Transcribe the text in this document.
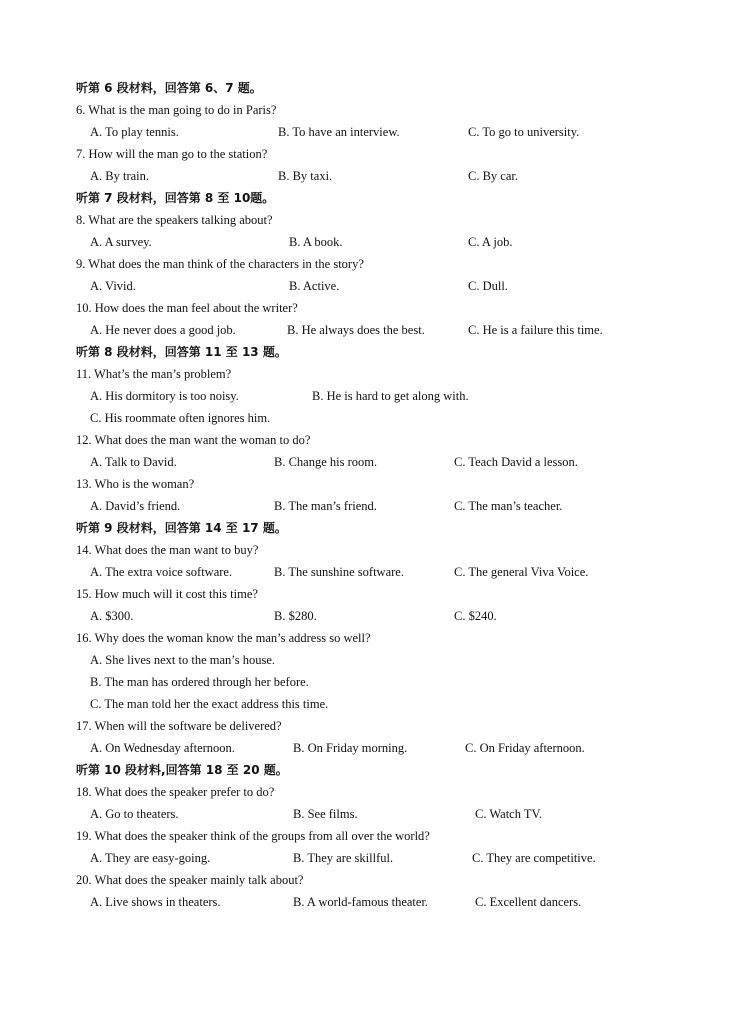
听第 6 段材料，回答第 6、7 题。
6. What is the man going to do in Paris?
A. To play tennis.	B. To have an interview.	C. To go to university.
7. How will the man go to the station?
A. By train.	B. By taxi.	C. By car.
听第 7 段材料，回答第 8 至 10题。
8. What are the speakers talking about?
A. A survey.	B. A book.	C. A job.
9. What does the man think of the characters in the story?
A. Vivid.	B. Active.	C. Dull.
10. How does the man feel about the writer?
A. He never does a good job.	B. He always does the best.	C. He is a failure this time.
听第 8 段材料，回答第 11 至 13 题。
11. What’s the man’s problem?
A. His dormitory is too noisy.	B. He is hard to get along with.
C. His roommate often ignores him.
12. What does the man want the woman to do?
A. Talk to David.	B. Change his room.	C. Teach David a lesson.
13. Who is the woman?
A. David’s friend.	B. The man’s friend.	C. The man’s teacher.
听第 9 段材料，回答第 14 至 17 题。
14. What does the man want to buy?
A. The extra voice software.	B. The sunshine software.	C. The general Viva Voice.
15. How much will it cost this time?
A. $300.	B. $280.	C. $240.
16. Why does the woman know the man’s address so well?
A. She lives next to the man’s house.
B. The man has ordered through her before.
C. The man told her the exact address this time.
17. When will the software be delivered?
A. On Wednesday afternoon.	B. On Friday morning.	C. On Friday afternoon.
听第 10 段材料,回答第 18 至 20 题。
18. What does the speaker prefer to do?
A. Go to theaters.	B. See films.	C. Watch TV.
19. What does the speaker think of the groups from all over the world?
A. They are easy-going.	B. They are skillful.	C. They are competitive.
20. What does the speaker mainly talk about?
A. Live shows in theaters.	B. A world-famous theater.	C. Excellent dancers.
